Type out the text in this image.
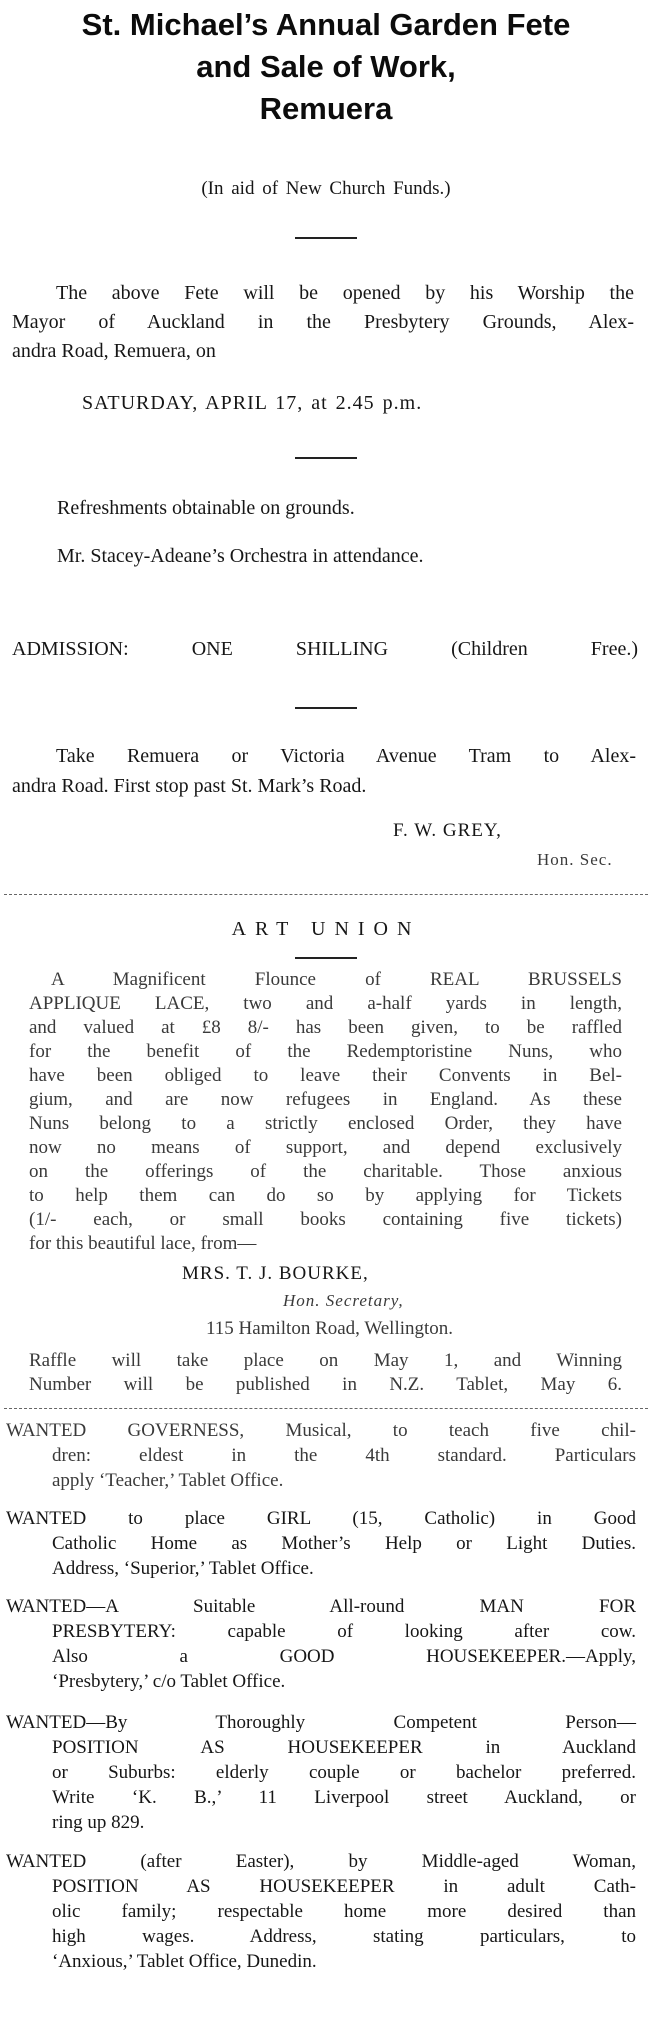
St. Michael’s Annual Garden Fete
and Sale of Work,
Remuera
(In aid of New Church Funds.)
The above Fete will be opened by his Worship the
Mayor of Auckland in the Presbytery Grounds, Alex-
andra Road, Remuera, on
SATURDAY, APRIL 17, at 2.45 p.m.
Refreshments obtainable on grounds.
Mr. Stacey-Adeane’s Orchestra in attendance.
ADMISSION: ONE SHILLING (Children Free.)
Take Remuera or Victoria Avenue Tram to Alex-
andra Road. First stop past St. Mark’s Road.
F. W. GREY,
Hon. Sec.
ART UNION
A Magnificent Flounce of REAL BRUSSELS
APPLIQUE LACE, two and a-half yards in length,
and valued at £8 8/- has been given, to be raffled
for the benefit of the Redemptoristine Nuns, who
have been obliged to leave their Convents in Bel-
gium, and are now refugees in England. As these
Nuns belong to a strictly enclosed Order, they have
now no means of support, and depend exclusively
on the offerings of the charitable. Those anxious
to help them can do so by applying for Tickets
(1/- each, or small books containing five tickets)
for this beautiful lace, from—
MRS. T. J. BOURKE,
Hon. Secretary,
115 Hamilton Road, Wellington.
Raffle will take place on May 1, and Winning
Number will be published in N.Z. Tablet, May 6.
WANTED GOVERNESS, Musical, to teach five chil-
dren: eldest in the 4th standard. Particulars
apply ‘Teacher,’ Tablet Office.
WANTED to place GIRL (15, Catholic) in Good
Catholic Home as Mother’s Help or Light Duties.
Address, ‘Superior,’ Tablet Office.
WANTED—A Suitable All-round MAN FOR
PRESBYTERY: capable of looking after cow.
Also a GOOD HOUSEKEEPER.—Apply,
‘Presbytery,’ c/o Tablet Office.
WANTED—By Thoroughly Competent Person—
POSITION AS HOUSEKEEPER in Auckland
or Suburbs: elderly couple or bachelor preferred.
Write ‘K. B.,’ 11 Liverpool street Auckland, or
ring up 829.
WANTED (after Easter), by Middle-aged Woman,
POSITION AS HOUSEKEEPER in adult Cath-
olic family; respectable home more desired than
high wages. Address, stating particulars, to
‘Anxious,’ Tablet Office, Dunedin.
